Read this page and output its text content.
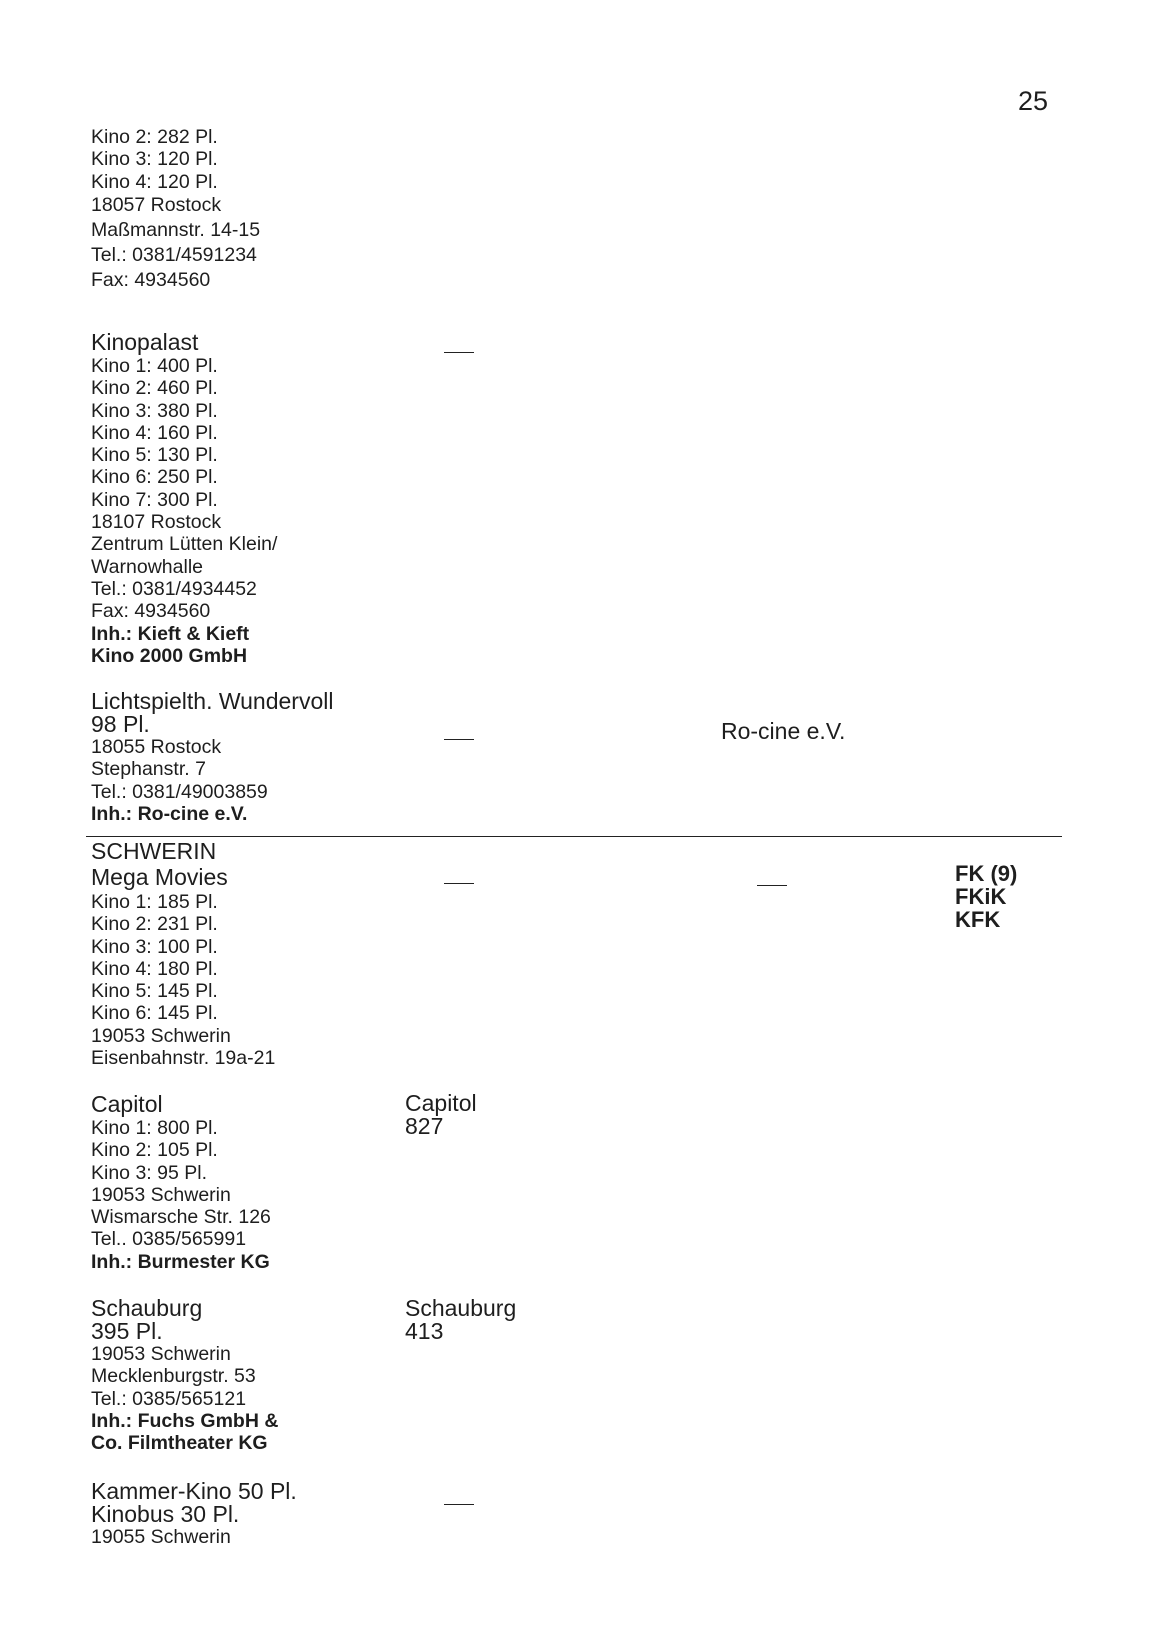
25
Kino 2: 282 Pl.
Kino 3: 120 Pl.
Kino 4: 120 Pl.
18057 Rostock
Maßmannstr. 14-15
Tel.: 0381/4591234
Fax: 4934560
Kinopalast
Kino 1: 400 Pl.
Kino 2: 460 Pl.
Kino 3: 380 Pl.
Kino 4: 160 Pl.
Kino 5: 130 Pl.
Kino 6: 250 Pl.
Kino 7: 300 Pl.
18107 Rostock
Zentrum Lütten Klein/
Warnowhalle
Tel.: 0381/4934452
Fax: 4934560
Inh.: Kieft & Kieft
Kino 2000 GmbH
Lichtspielth. Wundervoll
98 Pl.
18055 Rostock
Stephanstr. 7
Tel.: 0381/49003859
Inh.: Ro-cine e.V.
SCHWERIN
Mega Movies
Kino 1: 185 Pl.
Kino 2: 231 Pl.
Kino 3: 100 Pl.
Kino 4: 180 Pl.
Kino 5: 145 Pl.
Kino 6: 145 Pl.
19053 Schwerin
Eisenbahnstr. 19a-21
Capitol
Kino 1: 800 Pl.
Kino 2: 105 Pl.
Kino 3: 95 Pl.
19053 Schwerin
Wismarsche Str. 126
Tel.. 0385/565991
Inh.: Burmester KG
Schauburg
395 Pl.
19053 Schwerin
Mecklenburgstr. 53
Tel.: 0385/565121
Inh.: Fuchs GmbH &
Co. Filmtheater KG
Kammer-Kino 50 Pl.
Kinobus 30 Pl.
19055 Schwerin
Capitol
827
Schauburg
413
Ro-cine e.V.
FK (9)
FKiK
KFK
